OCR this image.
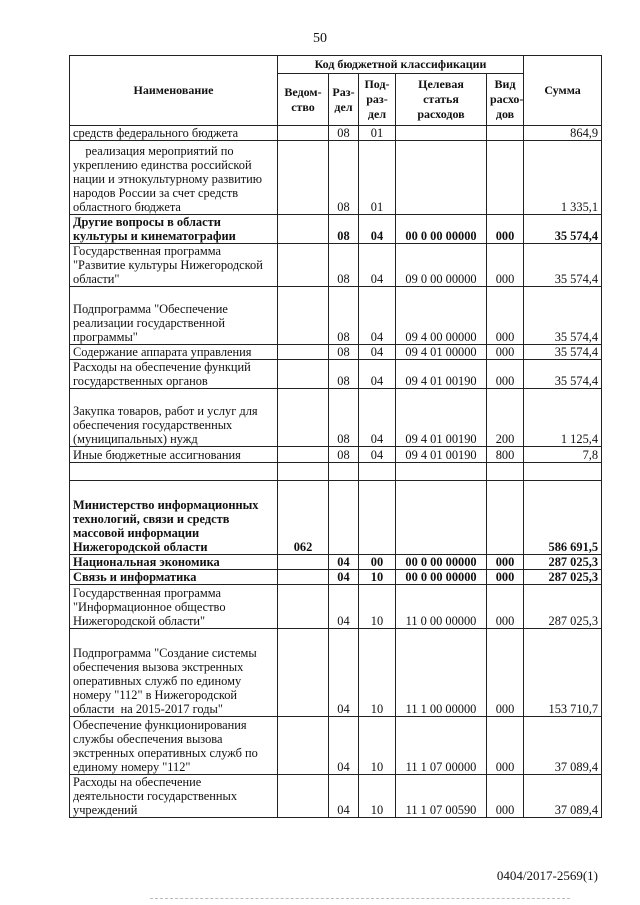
50
Наименование	Код бюджетной классификации					Сумма
	Ведом-ство	Раз-дел	Под-раз-дел	Целевая статья расходов	Вид расхо-дов	
средств федерального бюджета		08	01			864,9
реализация мероприятий по укреплению единства российской нации и этнокультурному развитию народов России за счет средств областного бюджета		08	01			1 335,1
Другие вопросы в области культуры и кинематографии		08	04	00 0 00 00000	000	35 574,4
Государственная программа "Развитие культуры Нижегородской области"		08	04	09 0 00 00000	000	35 574,4
Подпрограмма "Обеспечение реализации государственной программы"		08	04	09 4 00 00000	000	35 574,4
Содержание аппарата управления		08	04	09 4 01 00000	000	35 574,4
Расходы на обеспечение функций государственных органов		08	04	09 4 01 00190	000	35 574,4
Закупка товаров, работ и услуг для обеспечения государственных (муниципальных) нужд		08	04	09 4 01 00190	200	1 125,4
Иные бюджетные ассигнования		08	04	09 4 01 00190	800	7,8

Министерство информационных технологий, связи и средств массовой информации Нижегородской области	062					586 691,5
Национальная экономика		04	00	00 0 00 00000	000	287 025,3
Связь и информатика		04	10	00 0 00 00000	000	287 025,3
Государственная программа "Информационное общество Нижегородской области"		04	10	11 0 00 00000	000	287 025,3
Подпрограмма "Создание системы обеспечения вызова экстренных оперативных служб по единому номеру "112" в Нижегородской области  на 2015-2017 годы"		04	10	11 1 00 00000	000	153 710,7
Обеспечение функционирования службы обеспечения вызова экстренных оперативных служб по единому номеру "112"		04	10	11 1 07 00000	000	37 089,4
Расходы на обеспечение деятельности государственных учреждений		04	10	11 1 07 00590	000	37 089,4
0404/2017-2569(1)
